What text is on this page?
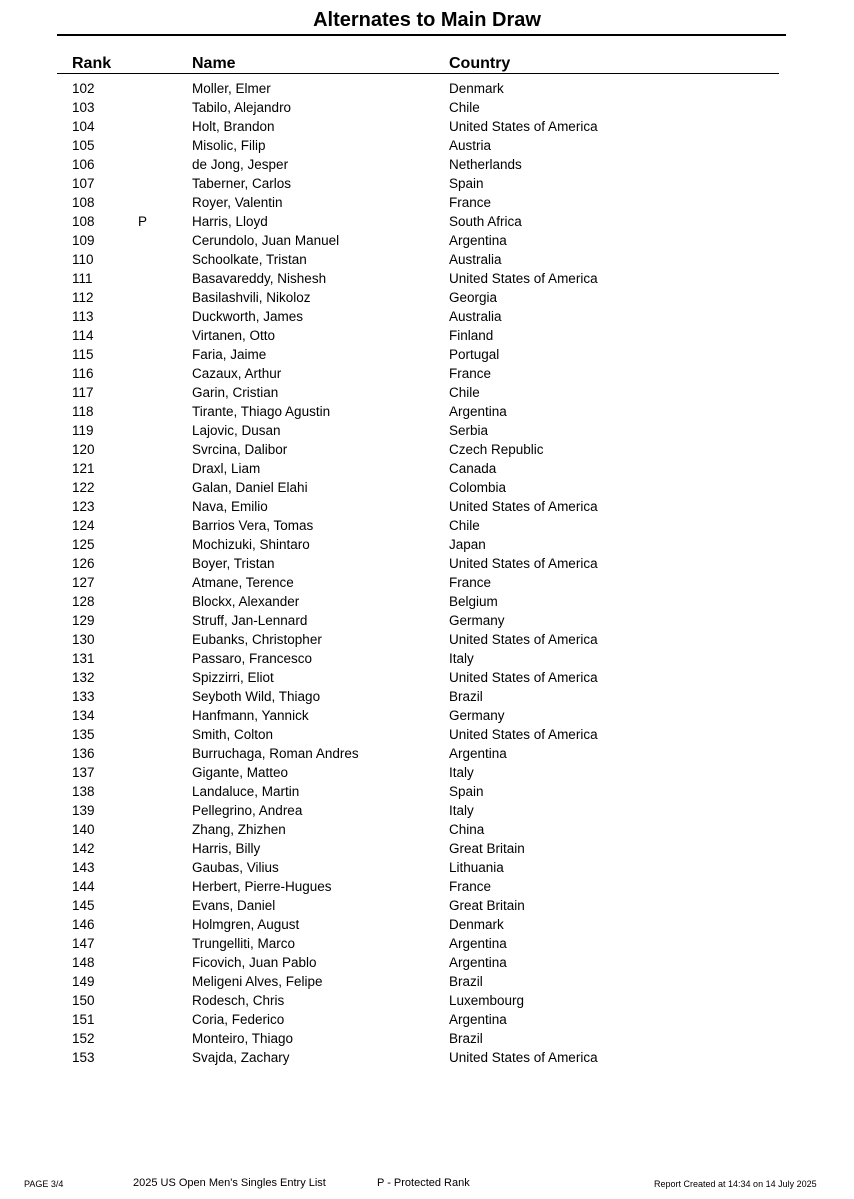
Alternates to Main Draw
Rank	Name	Country
102	Moller, Elmer	Denmark
103	Tabilo, Alejandro	Chile
104	Holt, Brandon	United States of America
105	Misolic, Filip	Austria
106	de Jong, Jesper	Netherlands
107	Taberner, Carlos	Spain
108	Royer, Valentin	France
108	P	Harris, Lloyd	South Africa
109	Cerundolo, Juan Manuel	Argentina
110	Schoolkate, Tristan	Australia
111	Basavareddy, Nishesh	United States of America
112	Basilashvili, Nikoloz	Georgia
113	Duckworth, James	Australia
114	Virtanen, Otto	Finland
115	Faria, Jaime	Portugal
116	Cazaux, Arthur	France
117	Garin, Cristian	Chile
118	Tirante, Thiago Agustin	Argentina
119	Lajovic, Dusan	Serbia
120	Svrcina, Dalibor	Czech Republic
121	Draxl, Liam	Canada
122	Galan, Daniel Elahi	Colombia
123	Nava, Emilio	United States of America
124	Barrios Vera, Tomas	Chile
125	Mochizuki, Shintaro	Japan
126	Boyer, Tristan	United States of America
127	Atmane, Terence	France
128	Blockx, Alexander	Belgium
129	Struff, Jan-Lennard	Germany
130	Eubanks, Christopher	United States of America
131	Passaro, Francesco	Italy
132	Spizzirri, Eliot	United States of America
133	Seyboth Wild, Thiago	Brazil
134	Hanfmann, Yannick	Germany
135	Smith, Colton	United States of America
136	Burruchaga, Roman Andres	Argentina
137	Gigante, Matteo	Italy
138	Landaluce, Martin	Spain
139	Pellegrino, Andrea	Italy
140	Zhang, Zhizhen	China
142	Harris, Billy	Great Britain
143	Gaubas, Vilius	Lithuania
144	Herbert, Pierre-Hugues	France
145	Evans, Daniel	Great Britain
146	Holmgren, August	Denmark
147	Trungelliti, Marco	Argentina
148	Ficovich, Juan Pablo	Argentina
149	Meligeni Alves, Felipe	Brazil
150	Rodesch, Chris	Luxembourg
151	Coria, Federico	Argentina
152	Monteiro, Thiago	Brazil
153	Svajda, Zachary	United States of America
PAGE 3/4	2025 US Open Men's Singles Entry List	P - Protected Rank	Report Created at 14:34 on 14 July 2025
